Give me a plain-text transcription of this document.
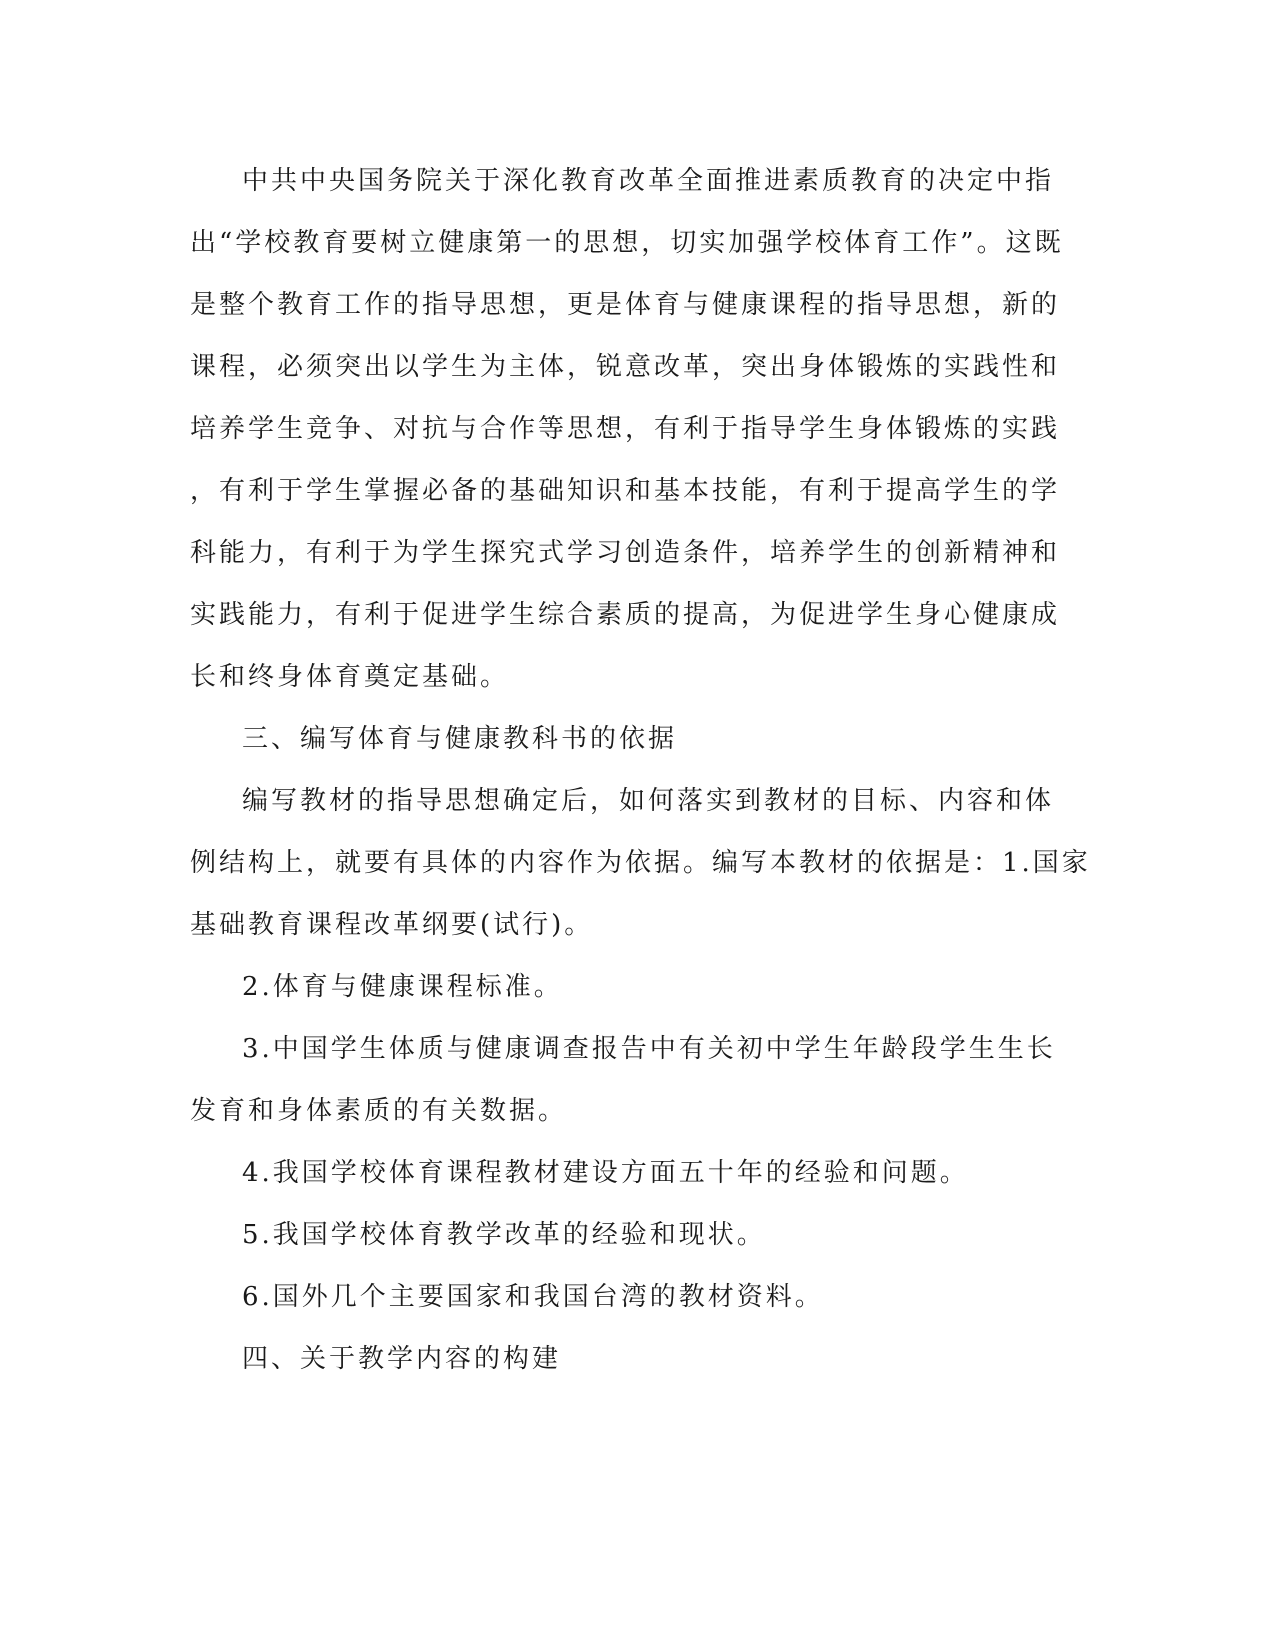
中共中央国务院关于深化教育改革全面推进素质教育的决定中指
出“学校教育要树立健康第一的思想，切实加强学校体育工作”。这既
是整个教育工作的指导思想，更是体育与健康课程的指导思想，新的
课程，必须突出以学生为主体，锐意改革，突出身体锻炼的实践性和
培养学生竞争、对抗与合作等思想，有利于指导学生身体锻炼的实践
，有利于学生掌握必备的基础知识和基本技能，有利于提高学生的学
科能力，有利于为学生探究式学习创造条件，培养学生的创新精神和
实践能力，有利于促进学生综合素质的提高，为促进学生身心健康成
长和终身体育奠定基础。

三、编写体育与健康教科书的依据

编写教材的指导思想确定后，如何落实到教材的目标、内容和体
例结构上，就要有具体的内容作为依据。编写本教材的依据是：1.国家
基础教育课程改革纲要(试行)。

2.体育与健康课程标准。

3.中国学生体质与健康调查报告中有关初中学生年龄段学生生长
发育和身体素质的有关数据。

4.我国学校体育课程教材建设方面五十年的经验和问题。

5.我国学校体育教学改革的经验和现状。

6.国外几个主要国家和我国台湾的教材资料。

四、关于教学内容的构建
